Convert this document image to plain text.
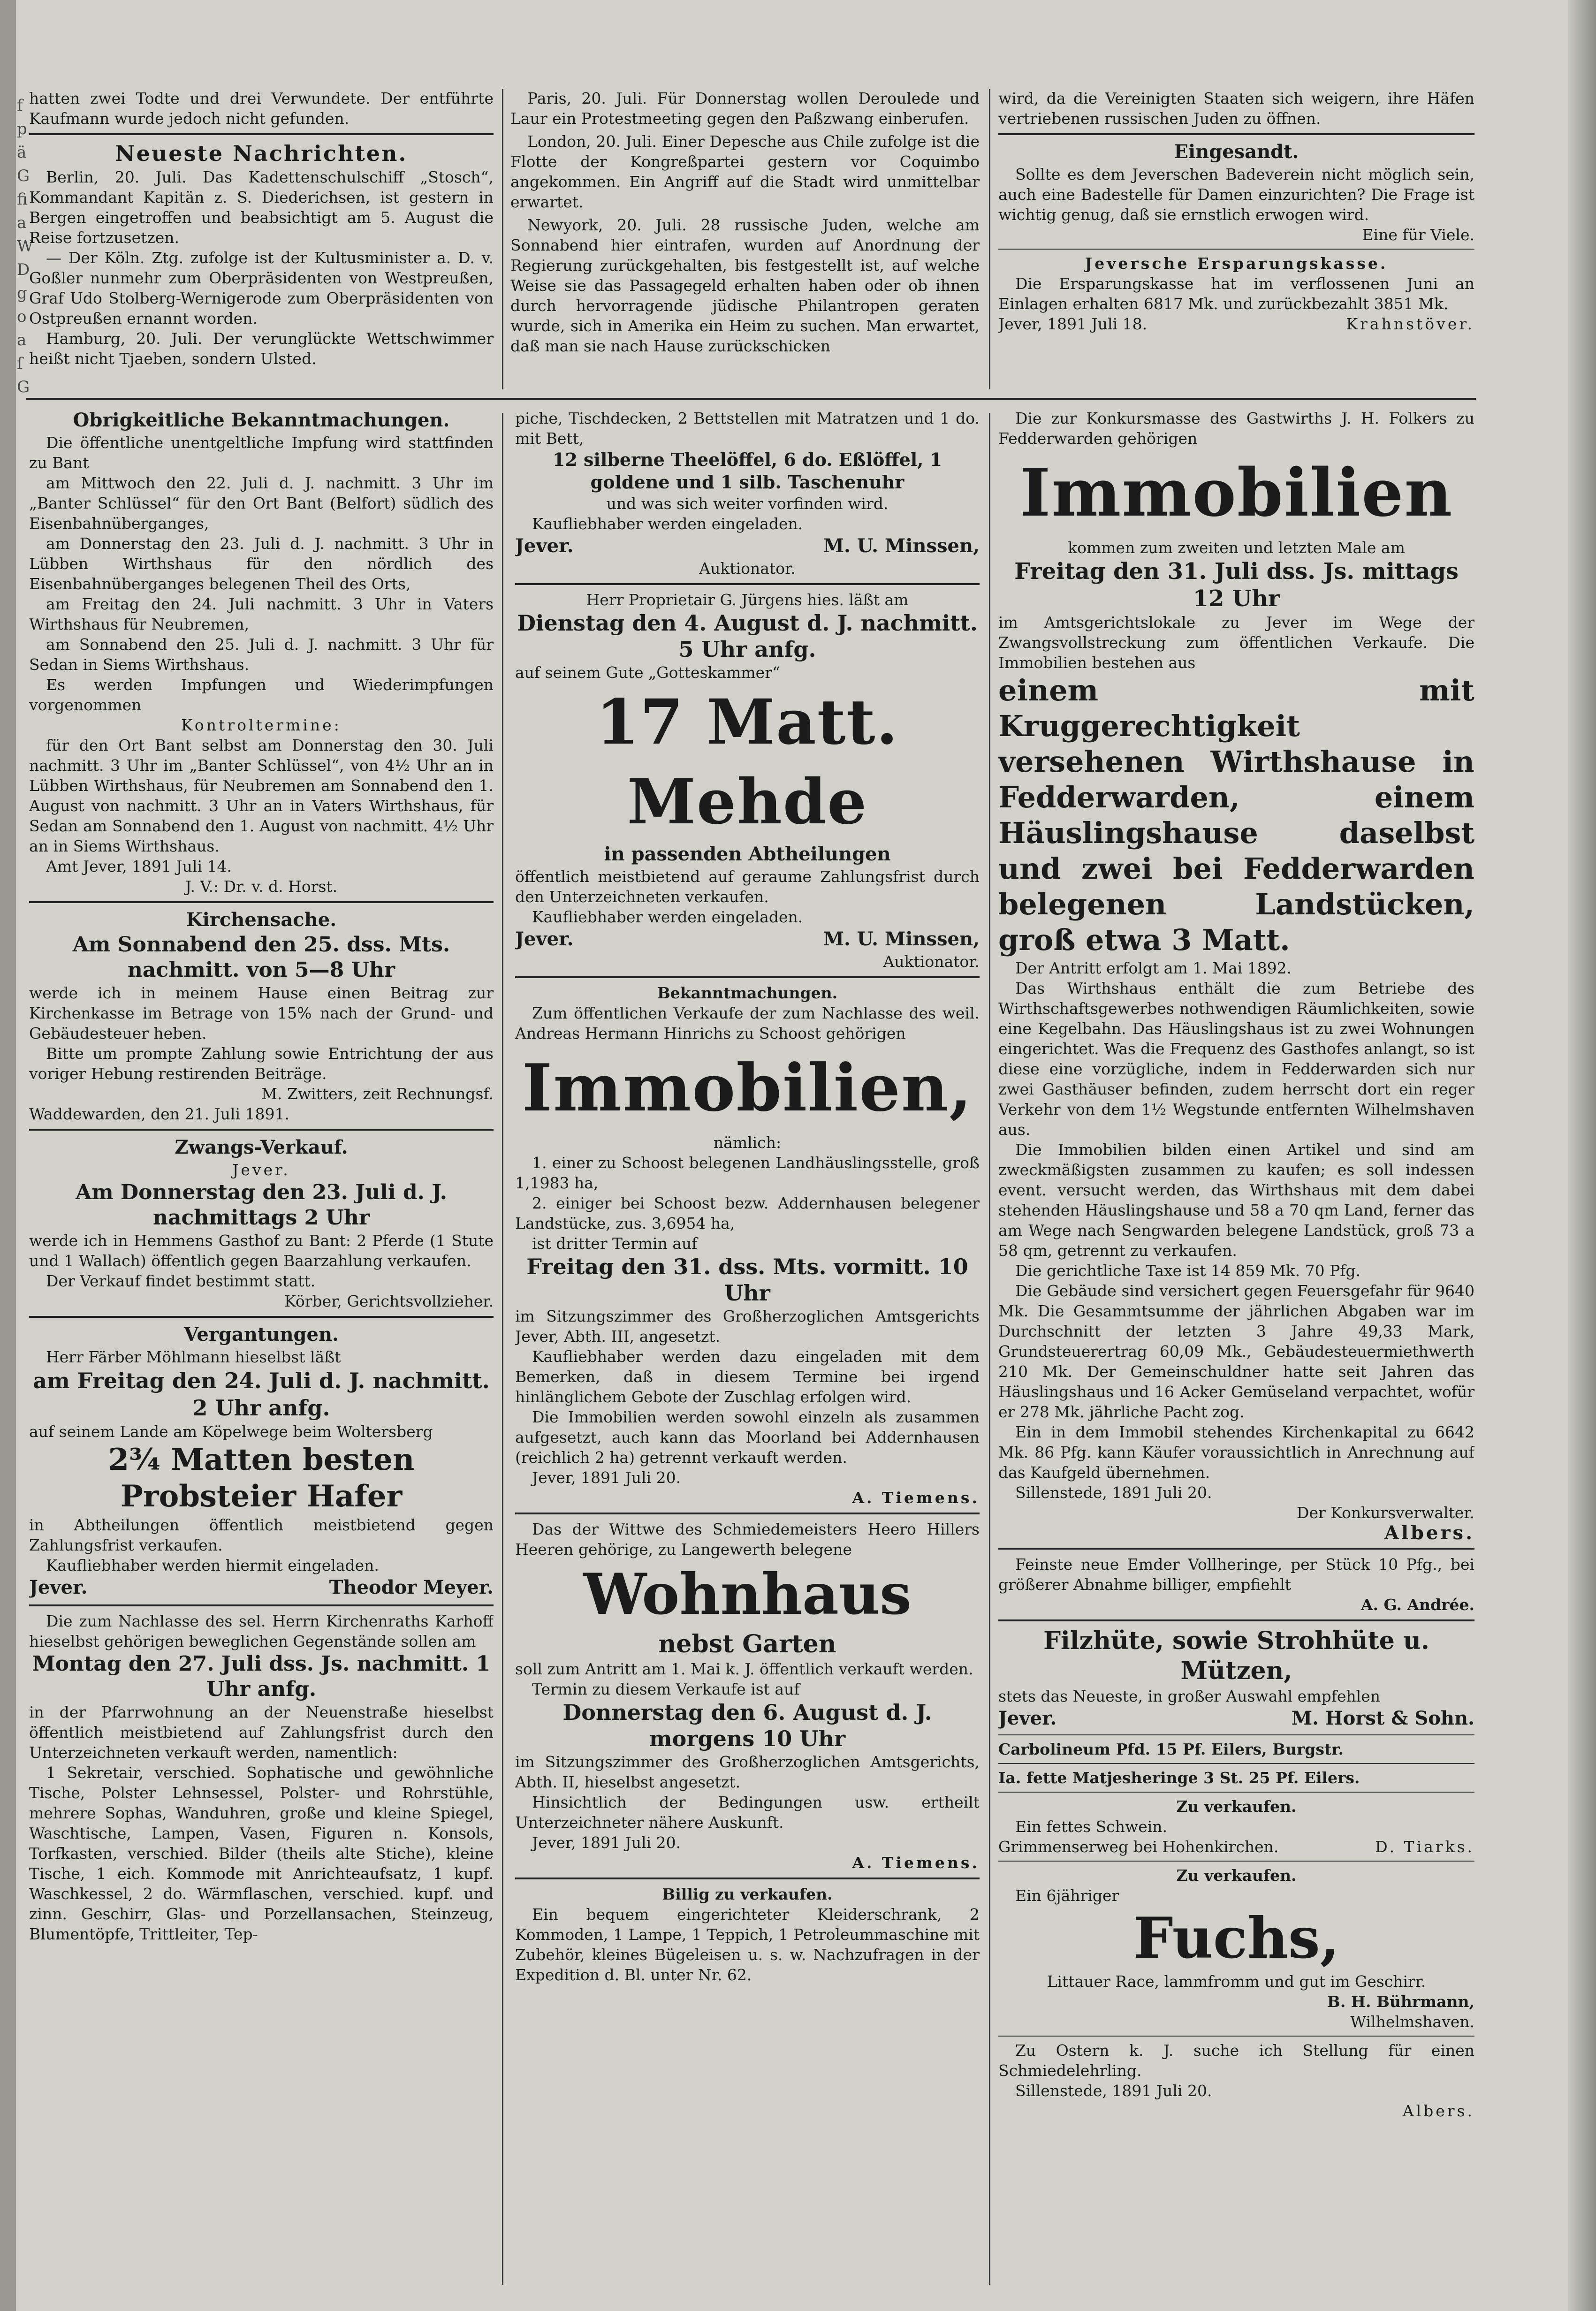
f
p
ä
G
fi
a
W
D
g
o
a
ſ
G
hatten zwei Todte und drei Verwundete. Der entführte Kaufmann wurde jedoch nicht gefunden.
Neueste Nachrichten.
Berlin, 20. Juli. Das Kadettenschulschiff „Stosch“, Kommandant Kapitän z. S. Diederichsen, ist gestern in Bergen eingetroffen und beabsichtigt am 5. August die Reise fortzusetzen.
— Der Köln. Ztg. zufolge ist der Kultusminister a. D. v. Goßler nunmehr zum Oberpräsidenten von Westpreußen, Graf Udo Stolberg-Wernigerode zum Oberpräsidenten von Ostpreußen ernannt worden.
Hamburg, 20. Juli. Der verunglückte Wettschwimmer heißt nicht Tjaeben, sondern Ulsted.
Paris, 20. Juli. Für Donnerstag wollen Deroulede und Laur ein Protestmeeting gegen den Paßzwang einberufen.
London, 20. Juli. Einer Depesche aus Chile zufolge ist die Flotte der Kongreßpartei gestern vor Coquimbo angekommen. Ein Angriff auf die Stadt wird unmittelbar erwartet.
Newyork, 20. Juli. 28 russische Juden, welche am Sonnabend hier eintrafen, wurden auf Anordnung der Regierung zurückgehalten, bis festgestellt ist, auf welche Weise sie das Passagegeld erhalten haben oder ob ihnen durch hervorragende jüdische Philantropen geraten wurde, sich in Amerika ein Heim zu suchen. Man erwartet, daß man sie nach Hause zurückschicken
wird, da die Vereinigten Staaten sich weigern, ihre Häfen vertriebenen russischen Juden zu öffnen.
Eingesandt.
Sollte es dem Jeverschen Badeverein nicht möglich sein, auch eine Badestelle für Damen einzurichten? Die Frage ist wichtig genug, daß sie ernstlich erwogen wird.
Eine für Viele.
Jeversche Ersparungskasse.
Die Ersparungskasse hat im verflossenen Juni an Einlagen erhalten 6817 Mk. und zurückbezahlt 3851 Mk.
Jever, 1891 Juli 18.	Krahnstöver.
Obrigkeitliche Bekanntmachungen.
Die öffentliche unentgeltliche Impfung wird stattfinden zu Bant
am Mittwoch den 22. Juli d. J. nachmitt. 3 Uhr im „Banter Schlüssel“ für den Ort Bant (Belfort) südlich des Eisenbahnüberganges,
am Donnerstag den 23. Juli d. J. nachmitt. 3 Uhr in Lübben Wirthshaus für den nördlich des Eisenbahnüberganges belegenen Theil des Orts,
am Freitag den 24. Juli nachmitt. 3 Uhr in Vaters Wirthshaus für Neubremen,
am Sonnabend den 25. Juli d. J. nachmitt. 3 Uhr für Sedan in Siems Wirthshaus.
Es werden Impfungen und Wiederimpfungen vorgenommen
Kontroltermine:
für den Ort Bant selbst am Donnerstag den 30. Juli nachmitt. 3 Uhr im „Banter Schlüssel“, von 4½ Uhr an in Lübben Wirthshaus, für Neubremen am Sonnabend den 1. August von nachmitt. 3 Uhr an in Vaters Wirthshaus, für Sedan am Sonnabend den 1. August von nachmitt. 4½ Uhr an in Siems Wirthshaus.
Amt Jever, 1891 Juli 14.
J. V.: Dr. v. d. Horst.
Kirchensache.
Am Sonnabend den 25. dss. Mts. nachmitt. von 5—8 Uhr
werde ich in meinem Hause einen Beitrag zur Kirchenkasse im Betrage von 15% nach der Grund- und Gebäudesteuer heben.
Bitte um prompte Zahlung sowie Entrichtung der aus voriger Hebung restirenden Beiträge.
M. Zwitters, zeit Rechnungsf.
Waddewarden, den 21. Juli 1891.
Zwangs-Verkauf.
Jever.
Am Donnerstag den 23. Juli d. J. nachmittags 2 Uhr
werde ich in Hemmens Gasthof zu Bant: 2 Pferde (1 Stute und 1 Wallach) öffentlich gegen Baarzahlung verkaufen.
Der Verkauf findet bestimmt statt.
Körber, Gerichtsvollzieher.
Vergantungen.
Herr Färber Möhlmann hieselbst läßt
am Freitag den 24. Juli d. J. nachmitt. 2 Uhr anfg.
auf seinem Lande am Köpelwege beim Woltersberg
2¾ Matten besten Probsteier Hafer
in Abtheilungen öffentlich meistbietend gegen Zahlungsfrist verkaufen.
Kaufliebhaber werden hiermit eingeladen.
Jever.	Theodor Meyer.
Die zum Nachlasse des sel. Herrn Kirchenraths Karhoff hieselbst gehörigen beweglichen Gegenstände sollen am
Montag den 27. Juli dss. Js. nachmitt. 1 Uhr anfg.
in der Pfarrwohnung an der Neuenstraße hieselbst öffentlich meistbietend auf Zahlungsfrist durch den Unterzeichneten verkauft werden, namentlich:
1 Sekretair, verschied. Sophatische und gewöhnliche Tische, Polster Lehnsessel, Polster- und Rohrstühle, mehrere Sophas, Wanduhren, große und kleine Spiegel, Waschtische, Lampen, Vasen, Figuren n. Konsols, Torfkasten, verschied. Bilder (theils alte Stiche), kleine Tische, 1 eich. Kommode mit Anrichteaufsatz, 1 kupf. Waschkessel, 2 do. Wärmflaschen, verschied. kupf. und zinn. Geschirr, Glas- und Porzellansachen, Steinzeug, Blumentöpfe, Trittleiter, Tep-
piche, Tischdecken, 2 Bettstellen mit Matratzen und 1 do. mit Bett,
12 silberne Theelöffel, 6 do. Eßlöffel, 1 goldene und 1 silb. Taschenuhr
und was sich weiter vorfinden wird.
Kaufliebhaber werden eingeladen.
Jever.	M. U. Minssen,
Auktionator.
Herr Proprietair G. Jürgens hies. läßt am
Dienstag den 4. August d. J. nachmitt. 5 Uhr anfg.
auf seinem Gute „Gotteskammer“
17 Matt. Mehde
in passenden Abtheilungen
öffentlich meistbietend auf geraume Zahlungsfrist durch den Unterzeichneten verkaufen.
Kaufliebhaber werden eingeladen.
Jever.	M. U. Minssen,
Auktionator.
Bekanntmachungen.
Zum öffentlichen Verkaufe der zum Nachlasse des weil. Andreas Hermann Hinrichs zu Schoost gehörigen
Immobilien,
nämlich:
1. einer zu Schoost belegenen Landhäuslingsstelle, groß 1,1983 ha,
2. einiger bei Schoost bezw. Addernhausen belegener Landstücke, zus. 3,6954 ha,
ist dritter Termin auf
Freitag den 31. dss. Mts. vormitt. 10 Uhr
im Sitzungszimmer des Großherzoglichen Amtsgerichts Jever, Abth. III, angesetzt.
Kaufliebhaber werden dazu eingeladen mit dem Bemerken, daß in diesem Termine bei irgend hinlänglichem Gebote der Zuschlag erfolgen wird.
Die Immobilien werden sowohl einzeln als zusammen aufgesetzt, auch kann das Moorland bei Addernhausen (reichlich 2 ha) getrennt verkauft werden.
Jever, 1891 Juli 20.
A. Tiemens.
Das der Wittwe des Schmiedemeisters Heero Hillers Heeren gehörige, zu Langewerth belegene
Wohnhaus
nebst Garten
soll zum Antritt am 1. Mai k. J. öffentlich verkauft werden.
Termin zu diesem Verkaufe ist auf
Donnerstag den 6. August d. J. morgens 10 Uhr
im Sitzungszimmer des Großherzoglichen Amtsgerichts, Abth. II, hieselbst angesetzt.
Hinsichtlich der Bedingungen usw. ertheilt Unterzeichneter nähere Auskunft.
Jever, 1891 Juli 20.
A. Tiemens.
Billig zu verkaufen.
Ein bequem eingerichteter Kleiderschrank, 2 Kommoden, 1 Lampe, 1 Teppich, 1 Petroleummaschine mit Zubehör, kleines Bügeleisen u. s. w. Nachzufragen in der Expedition d. Bl. unter Nr. 62.
Die zur Konkursmasse des Gastwirths J. H. Folkers zu Fedderwarden gehörigen
Immobilien
kommen zum zweiten und letzten Male am
Freitag den 31. Juli dss. Js. mittags 12 Uhr
im Amtsgerichtslokale zu Jever im Wege der Zwangsvollstreckung zum öffentlichen Verkaufe. Die Immobilien bestehen aus
einem mit Kruggerechtigkeit versehenen Wirthshause in Fedderwarden, einem Häuslingshause daselbst und zwei bei Fedderwarden belegenen Landstücken, groß etwa 3 Matt.
Der Antritt erfolgt am 1. Mai 1892.
Das Wirthshaus enthält die zum Betriebe des Wirthschaftsgewerbes nothwendigen Räumlichkeiten, sowie eine Kegelbahn. Das Häuslingshaus ist zu zwei Wohnungen eingerichtet. Was die Frequenz des Gasthofes anlangt, so ist diese eine vorzügliche, indem in Fedderwarden sich nur zwei Gasthäuser befinden, zudem herrscht dort ein reger Verkehr von dem 1½ Wegstunde entfernten Wilhelmshaven aus.
Die Immobilien bilden einen Artikel und sind am zweckmäßigsten zusammen zu kaufen; es soll indessen event. versucht werden, das Wirthshaus mit dem dabei stehenden Häuslingshause und 58 a 70 qm Land, ferner das am Wege nach Sengwarden belegene Landstück, groß 73 a 58 qm, getrennt zu verkaufen.
Die gerichtliche Taxe ist 14 859 Mk. 70 Pfg.
Die Gebäude sind versichert gegen Feuersgefahr für 9640 Mk. Die Gesammtsumme der jährlichen Abgaben war im Durchschnitt der letzten 3 Jahre 49,33 Mark, Grundsteuerertrag 60,09 Mk., Gebäudesteuermiethwerth 210 Mk. Der Gemeinschuldner hatte seit Jahren das Häuslingshaus und 16 Acker Gemüseland verpachtet, wofür er 278 Mk. jährliche Pacht zog.
Ein in dem Immobil stehendes Kirchenkapital zu 6642 Mk. 86 Pfg. kann Käufer voraussichtlich in Anrechnung auf das Kaufgeld übernehmen.
Sillenstede, 1891 Juli 20.
Der Konkursverwalter.
Albers.
Feinste neue Emder Vollheringe, per Stück 10 Pfg., bei größerer Abnahme billiger, empfiehlt
A. G. Andrée.
Filzhüte, sowie Strohhüte u. Mützen,
stets das Neueste, in großer Auswahl empfehlen
Jever.	M. Horst & Sohn.
Carbolineum Pfd. 15 Pf. Eilers, Burgstr.
Ia. fette Matjesheringe 3 St. 25 Pf. Eilers.
Zu verkaufen.
Ein fettes Schwein.
Grimmenserweg bei Hohenkirchen.	D. Tiarks.
Zu verkaufen.
Ein 6jähriger
Fuchs,
Littauer Race, lammfromm und gut im Geschirr.
B. H. Bührmann,
Wilhelmshaven.
Zu Ostern k. J. suche ich Stellung für einen Schmiedelehrling.
Sillenstede, 1891 Juli 20.
Albers.
